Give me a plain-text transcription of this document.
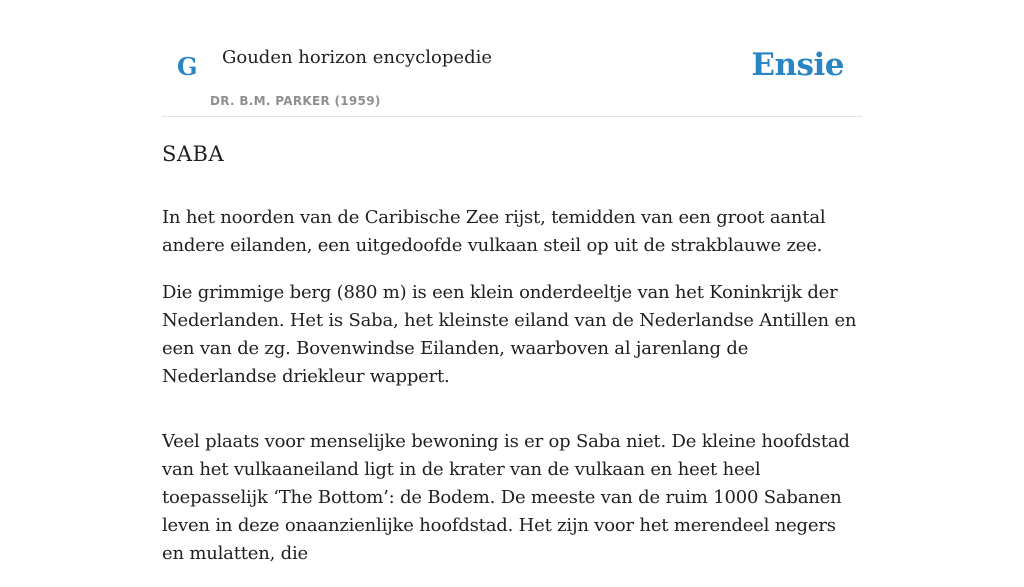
G Gouden horizon encyclopedie
DR. B.M. PARKER (1959)
Ensie
SABA

In het noorden van de Caribische Zee rijst, temidden van een groot aantal andere eilanden, een uitgedoofde vulkaan steil op uit de strakblauwe zee.

Die grimmige berg (880 m) is een klein onderdeeltje van het Koninkrijk der Nederlanden. Het is Saba, het kleinste eiland van de Nederlandse Antillen en een van de zg. Bovenwindse Eilanden, waarboven al jarenlang de Nederlandse driekleur wappert.

Veel plaats voor menselijke bewoning is er op Saba niet. De kleine hoofdstad van het vulkaaneiland ligt in de krater van de vulkaan en heet heel toepasselijk ‘The Bottom’: de Bodem. De meeste van de ruim 1000 Sabanen leven in deze onaanzienlijke hoofdstad. Het zijn voor het merendeel negers en mulatten, die
